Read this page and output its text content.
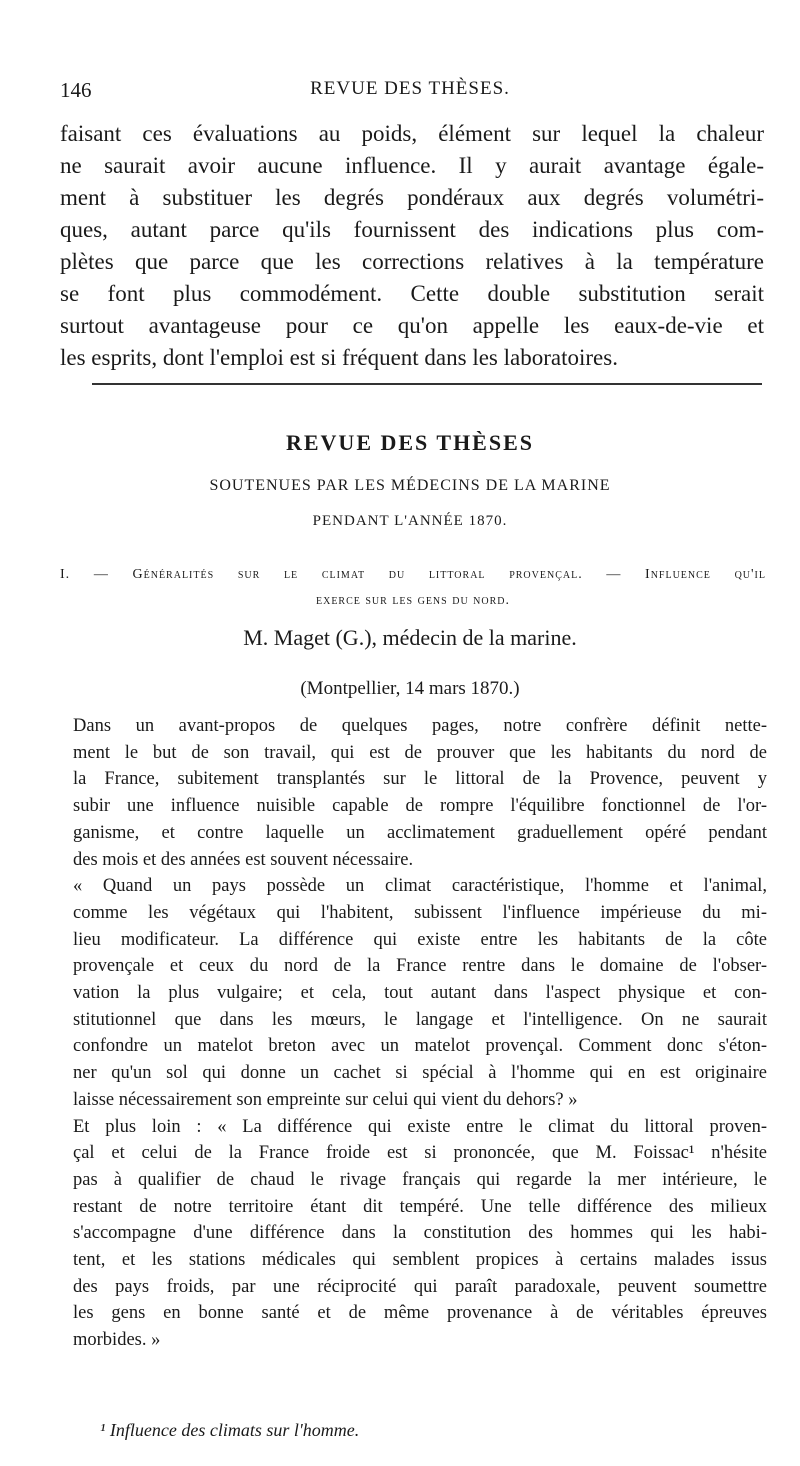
146	REVUE DES THÈSES.
faisant ces évaluations au poids, élément sur lequel la chaleur
ne saurait avoir aucune influence. Il y aurait avantage égale-
ment à substituer les degrés pondéraux aux degrés volumétri-
ques, autant parce qu'ils fournissent des indications plus com-
plètes que parce que les corrections relatives à la température
se font plus commodément. Cette double substitution serait
surtout avantageuse pour ce qu'on appelle les eaux-de-vie et
les esprits, dont l'emploi est si fréquent dans les laboratoires.
REVUE DES THÈSES
SOUTENUES PAR LES MÉDECINS DE LA MARINE
PENDANT L'ANNÉE 1870.
I. — Généralités sur le climat du littoral provençal. — Influence qu'il
exerce sur les gens du nord.
M. Maget (G.), médecin de la marine.
(Montpellier, 14 mars 1870.)
Dans un avant-propos de quelques pages, notre confrère définit nette-
ment le but de son travail, qui est de prouver que les habitants du nord de
la France, subitement transplantés sur le littoral de la Provence, peuvent y
subir une influence nuisible capable de rompre l'équilibre fonctionnel de l'or-
ganisme, et contre laquelle un acclimatement graduellement opéré pendant
des mois et des années est souvent nécessaire.
« Quand un pays possède un climat caractéristique, l'homme et l'animal,
comme les végétaux qui l'habitent, subissent l'influence impérieuse du mi-
lieu modificateur. La différence qui existe entre les habitants de la côte
provençale et ceux du nord de la France rentre dans le domaine de l'obser-
vation la plus vulgaire; et cela, tout autant dans l'aspect physique et con-
stitutionnel que dans les mœurs, le langage et l'intelligence. On ne saurait
confondre un matelot breton avec un matelot provençal. Comment donc s'éton-
ner qu'un sol qui donne un cachet si spécial à l'homme qui en est originaire
laisse nécessairement son empreinte sur celui qui vient du dehors? »
Et plus loin : « La différence qui existe entre le climat du littoral proven-
çal et celui de la France froide est si prononcée, que M. Foissac¹ n'hésite
pas à qualifier de chaud le rivage français qui regarde la mer intérieure, le
restant de notre territoire étant dit tempéré. Une telle différence des milieux
s'accompagne d'une différence dans la constitution des hommes qui les habi-
tent, et les stations médicales qui semblent propices à certains malades issus
des pays froids, par une réciprocité qui paraît paradoxale, peuvent soumettre
les gens en bonne santé et de même provenance à de véritables épreuves
morbides. »
¹ Influence des climats sur l'homme.
